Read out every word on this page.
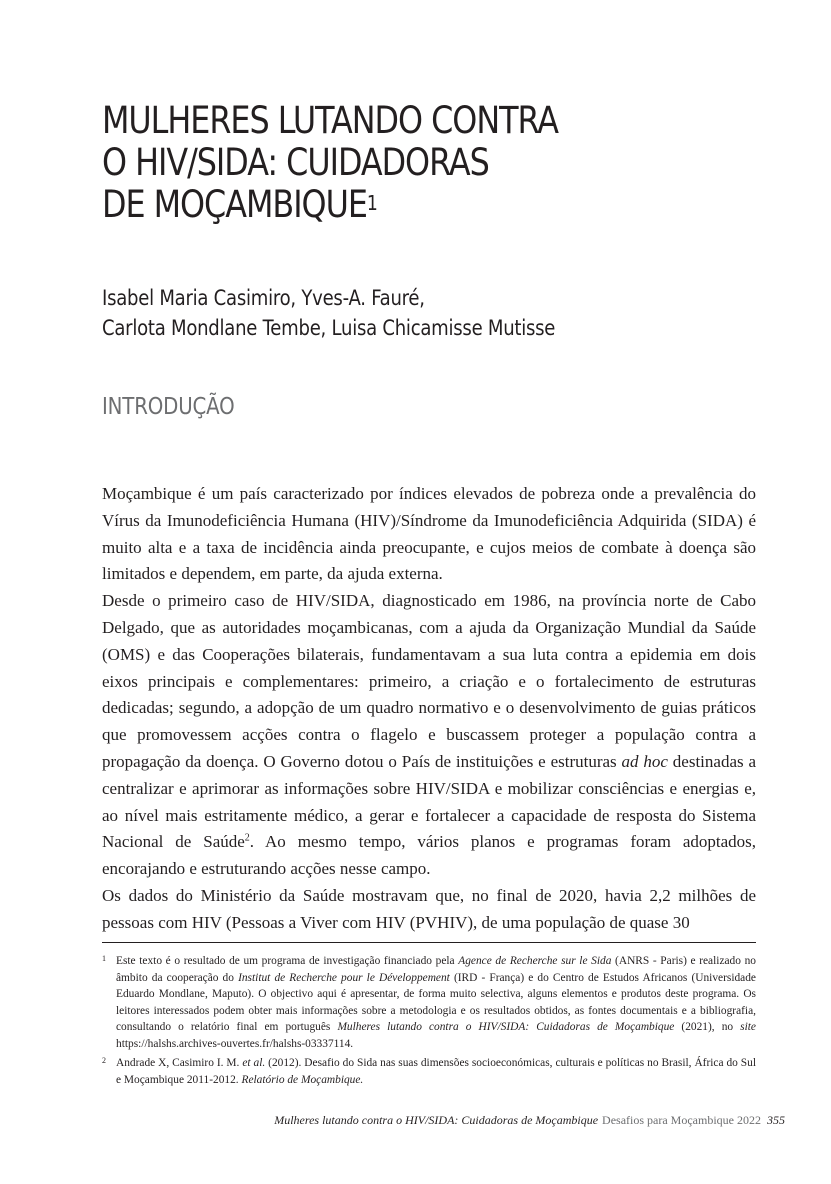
MULHERES LUTANDO CONTRA
O HIV/SIDA: CUIDADORAS
DE MOÇAMBIQUE$^1$
Isabel Maria Casimiro, Yves-A. Fauré,
Carlota Mondlane Tembe, Luisa Chicamisse Mutisse
INTRODUÇÃO

Moçambique é um país caracterizado por índices elevados de pobreza onde a prevalência do Vírus da Imunodeficiência Humana (HIV)/Síndrome da Imunodeficiência Adquirida (SIDA) é muito alta e a taxa de incidência ainda preocupante, e cujos meios de combate à doença são limitados e dependem, em parte, da ajuda externa.

Desde o primeiro caso de HIV/SIDA, diagnosticado em 1986, na província norte de Cabo Delgado, que as autoridades moçambicanas, com a ajuda da Organização Mundial da Saúde (OMS) e das Cooperações bilaterais, fundamentavam a sua luta contra a epidemia em dois eixos principais e complementares: primeiro, a criação e o fortalecimento de estruturas dedicadas; segundo, a adopção de um quadro normativo e o desenvolvimento de guias práticos que promovessem acções contra o flagelo e buscassem proteger a população contra a propagação da doença. O Governo dotou o País de instituições e estruturas ad hoc destinadas a centralizar e aprimorar as informações sobre HIV/SIDA e mobilizar consciências e energias e, ao nível mais estritamente médico, a gerar e fortalecer a capacidade de resposta do Sistema Nacional de Saúde$^2$. Ao mesmo tempo, vários planos e programas foram adoptados, encorajando e estruturando acções nesse campo.

Os dados do Ministério da Saúde mostravam que, no final de 2020, havia 2,2 milhões de pessoas com HIV (Pessoas a Viver com HIV (PVHIV), de uma população de quase 30

1 Este texto é o resultado de um programa de investigação financiado pela Agence de Recherche sur le Sida (ANRS - Paris) e realizado no âmbito da cooperação do Institut de Recherche pour le Développement (IRD - França) e do Centro de Estudos Africanos (Universidade Eduardo Mondlane, Maputo). O objectivo aqui é apresentar, de forma muito selectiva, alguns elementos e produtos deste programa. Os leitores interessados podem obter mais informações sobre a metodologia e os resultados obtidos, as fontes documentais e a bibliografia, consultando o relatório final em português Mulheres lutando contra o HIV/SIDA: Cuidadoras de Moçambique (2021), no site https://halshs.archives-ouvertes.fr/halshs-03337114.
2 Andrade X, Casimiro I. M. et al. (2012). Desafio do Sida nas suas dimensões socioeconómicas, culturais e políticas no Brasil, África do Sul e Moçambique 2011-2012. Relatório de Moçambique.
Mulheres lutando contra o HIV/SIDA: Cuidadoras de Moçambique Desafios para Moçambique 2022 355
